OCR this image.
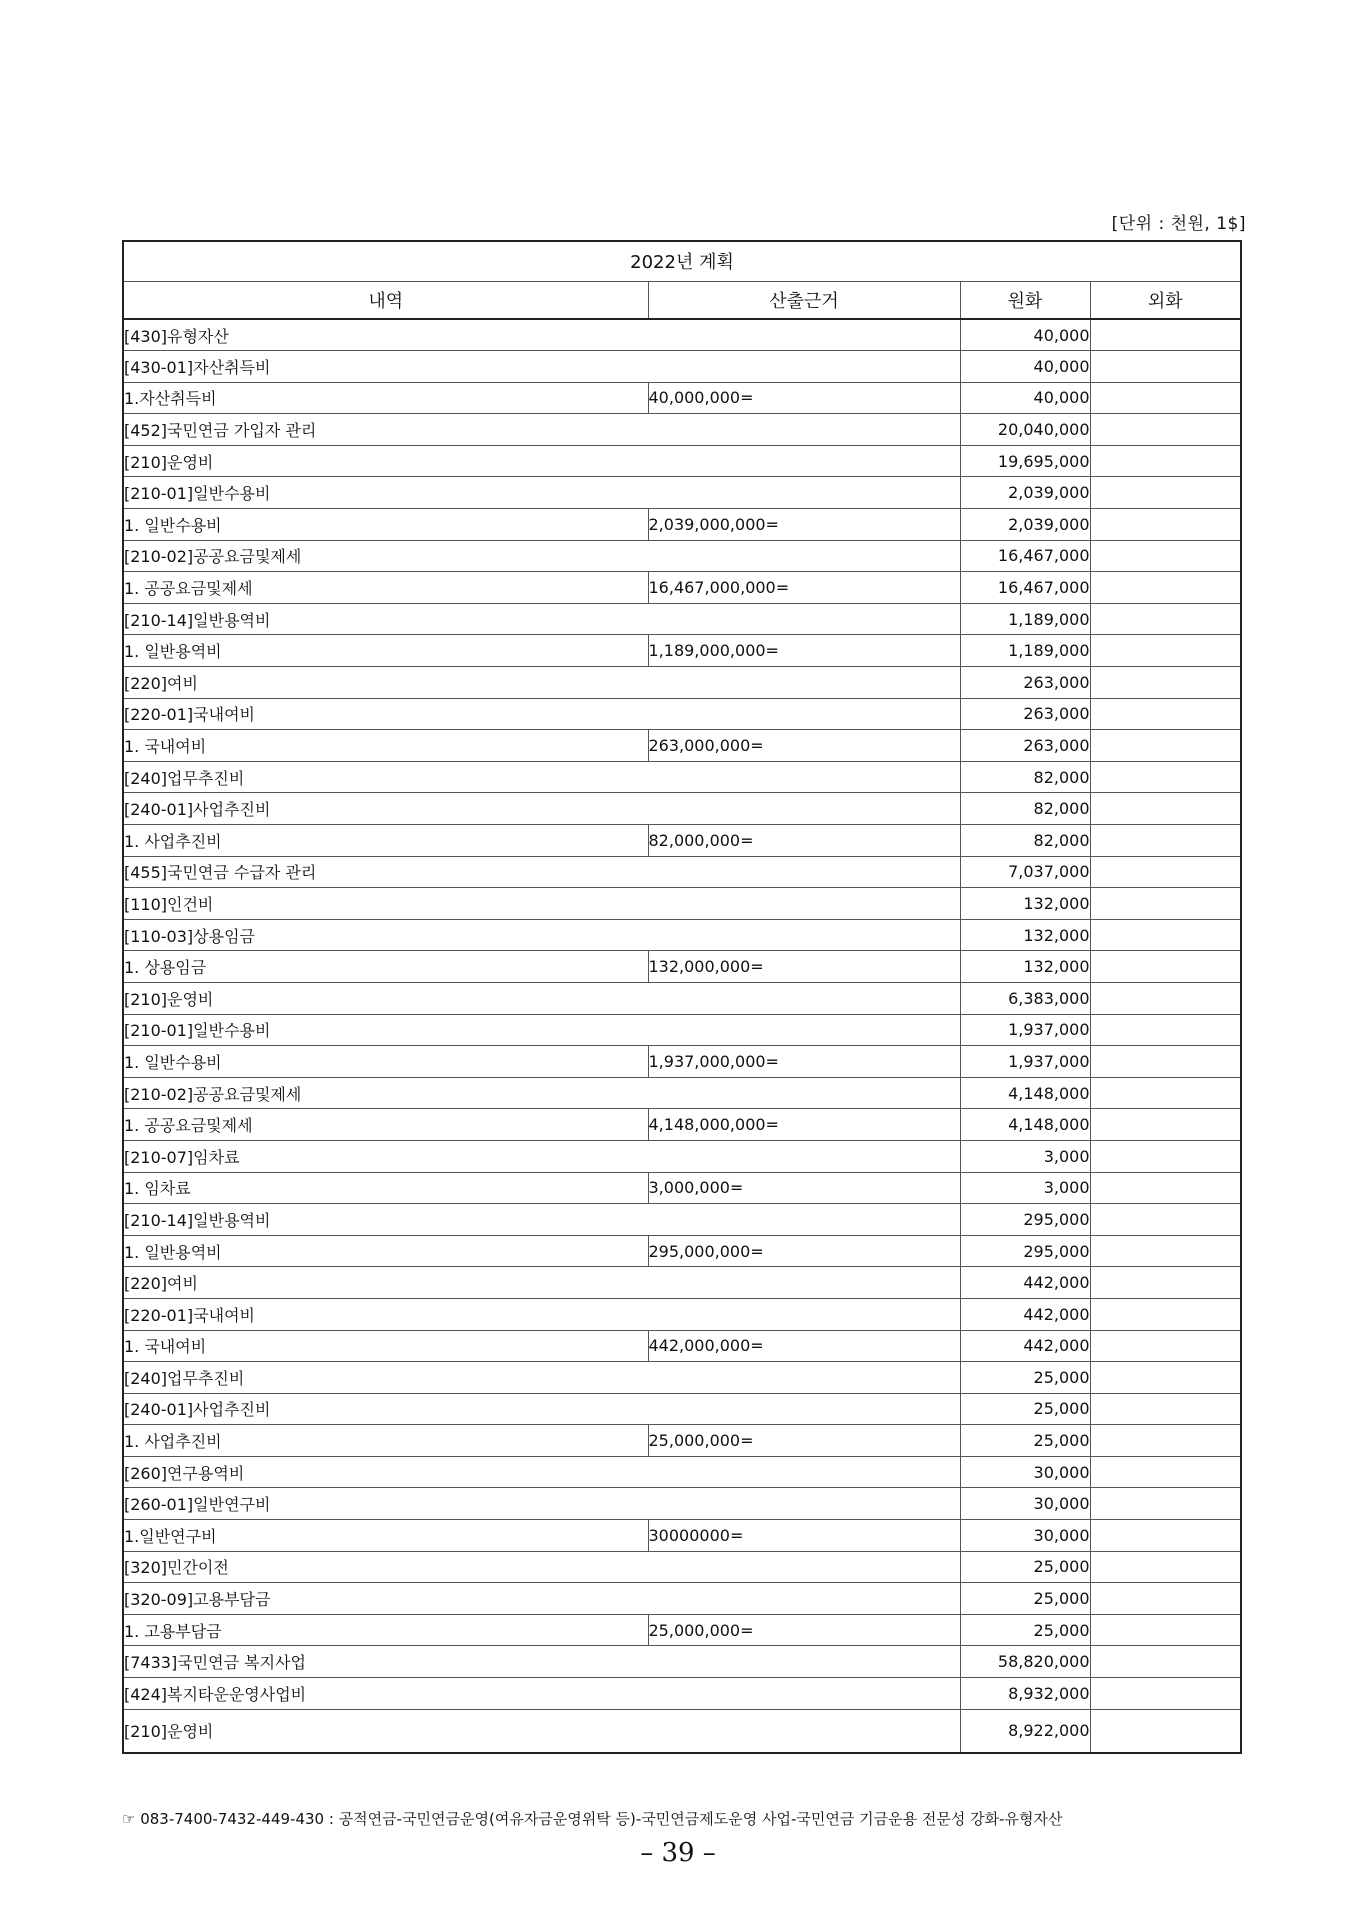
[단위 : 천원, 1$]
2022년 계획			
내역	산출근거	원화	외화
[430]유형자산		40,000	
[430-01]자산취득비		40,000	
1.자산취득비	40,000,000=	40,000	
[452]국민연금 가입자 관리		20,040,000	
[210]운영비		19,695,000	
[210-01]일반수용비		2,039,000	
1. 일반수용비	2,039,000,000=	2,039,000	
[210-02]공공요금및제세		16,467,000	
1. 공공요금및제세	16,467,000,000=	16,467,000	
[210-14]일반용역비		1,189,000	
1. 일반용역비	1,189,000,000=	1,189,000	
[220]여비		263,000	
[220-01]국내여비		263,000	
1. 국내여비	263,000,000=	263,000	
[240]업무추진비		82,000	
[240-01]사업추진비		82,000	
1. 사업추진비	82,000,000=	82,000	
[455]국민연금 수급자 관리		7,037,000	
[110]인건비		132,000	
[110-03]상용임금		132,000	
1. 상용임금	132,000,000=	132,000	
[210]운영비		6,383,000	
[210-01]일반수용비		1,937,000	
1. 일반수용비	1,937,000,000=	1,937,000	
[210-02]공공요금및제세		4,148,000	
1. 공공요금및제세	4,148,000,000=	4,148,000	
[210-07]임차료		3,000	
1. 임차료	3,000,000=	3,000	
[210-14]일반용역비		295,000	
1. 일반용역비	295,000,000=	295,000	
[220]여비		442,000	
[220-01]국내여비		442,000	
1. 국내여비	442,000,000=	442,000	
[240]업무추진비		25,000	
[240-01]사업추진비		25,000	
1. 사업추진비	25,000,000=	25,000	
[260]연구용역비		30,000	
[260-01]일반연구비		30,000	
1.일반연구비	30000000=	30,000	
[320]민간이전		25,000	
[320-09]고용부담금		25,000	
1. 고용부담금	25,000,000=	25,000	
[7433]국민연금 복지사업		58,820,000	
[424]복지타운운영사업비		8,932,000	
[210]운영비		8,922,000	
☞ 083-7400-7432-449-430 : 공적연금-국민연금운영(여유자금운영위탁 등)-국민연금제도운영 사업-국민연금 기금운용 전문성 강화-유형자산
– 39 –
